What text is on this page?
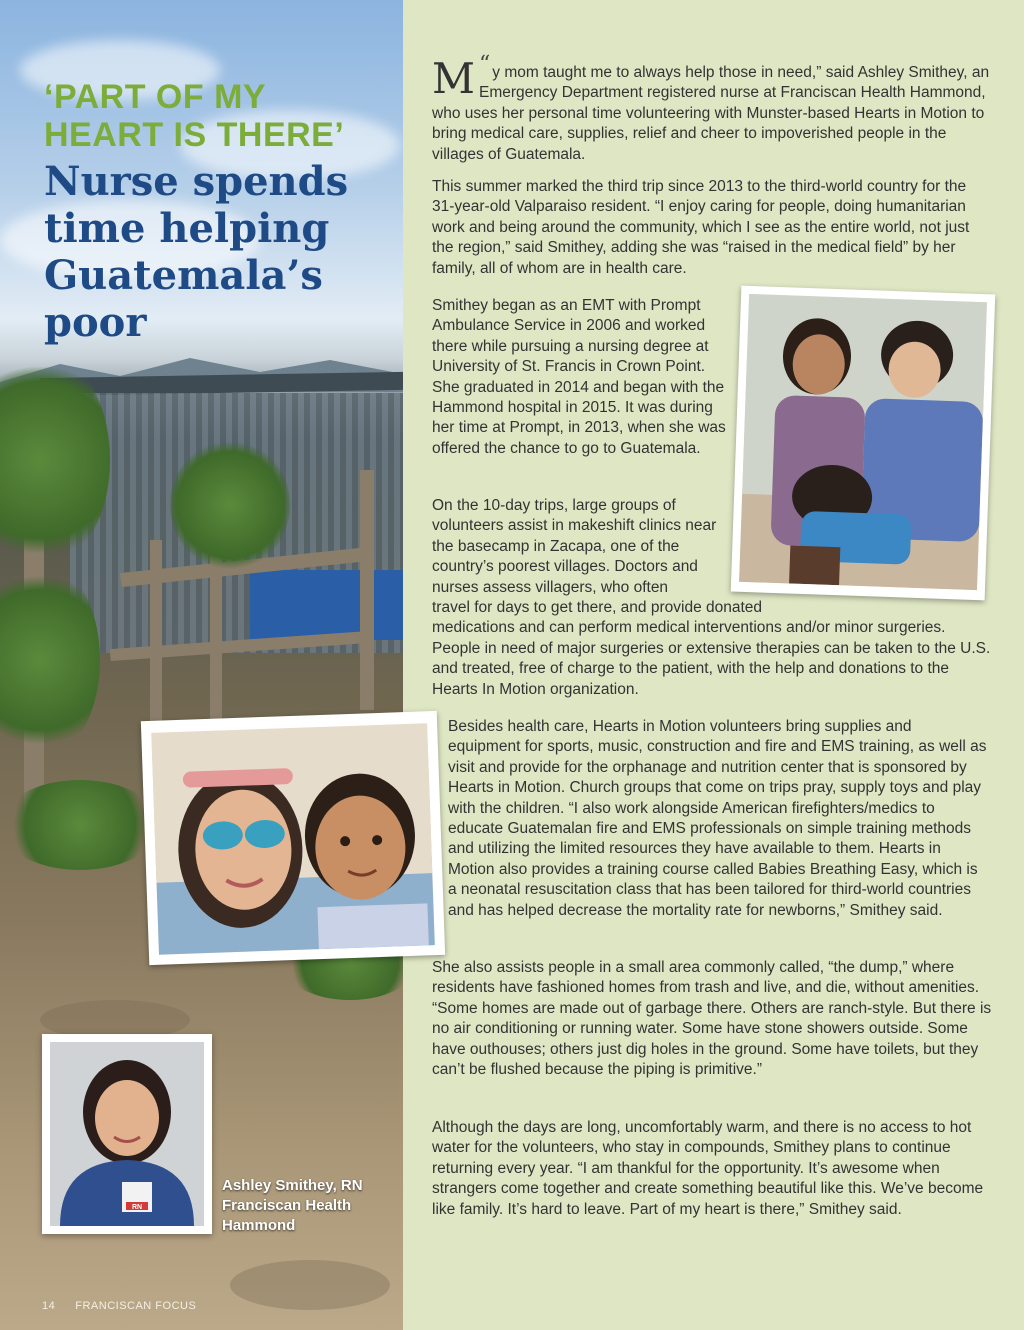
‘PART OF MY HEART IS THERE’
Nurse spends time helping Guatemala’s poor
RN

Ashley Smithey, RN
Franciscan Health
Hammond

14 FRANCISCAN FOCUS

“
M y mom taught me to always help those in need,” said Ashley Smithey, an Emergency Department registered nurse at Franciscan Health Hammond, who uses her personal time volunteering with Munster-based Hearts in Motion to bring medical care, supplies, relief and cheer to impoverished people in the villages of Guatemala.

This summer marked the third trip since 2013 to the third-world country for the 31-year-old Valparaiso resident. “I enjoy caring for people, doing humanitarian work and being around the community, which I see as the entire world, not just the region,” said Smithey, adding she was “raised in the medical field” by her family, all of whom are in health care.

Smithey began as an EMT with Prompt Ambulance Service in 2006 and worked there while pursuing a nursing degree at University of St. Francis in Crown Point. She graduated in 2014 and began with the Hammond hospital in 2015. It was during her time at Prompt, in 2013, when she was offered the chance to go to Guatemala.

On the 10-day trips, large groups of volunteers assist in makeshift clinics near the basecamp in Zacapa, one of the country’s poorest villages. Doctors and nurses assess villagers, who often
travel for days to get there, and provide donated
medications and can perform medical interventions and/or minor surgeries. People in need of major surgeries or extensive therapies can be taken to the U.S. and treated, free of charge to the patient, with the help and donations to the Hearts In Motion organization.

Besides health care, Hearts in Motion volunteers bring supplies and equipment for sports, music, construction and fire and EMS training, as well as visit and provide for the orphanage and nutrition center that is sponsored by Hearts in Motion. Church groups that come on trips pray, supply toys and play with the children. “I also work alongside American firefighters/medics to educate Guatemalan fire and EMS professionals on simple training methods and utilizing the limited resources they have available to them. Hearts in Motion also provides a training course called Babies Breathing Easy, which is a neonatal resuscitation class that has been tailored for third-world countries and has helped decrease the mortality rate for newborns,” Smithey said.

She also assists people in a small area commonly called, “the dump,” where residents have fashioned homes from trash and live, and die, without amenities. “Some homes are made out of garbage there. Others are ranch-style. But there is no air conditioning or running water. Some have stone showers outside. Some have outhouses; others just dig holes in the ground. Some have toilets, but they can’t be flushed because the piping is primitive.”

Although the days are long, uncomfortably warm, and there is no access to hot water for the volunteers, who stay in compounds, Smithey plans to continue returning every year. “I am thankful for the opportunity. It’s awesome when strangers come together and create something beautiful like this. We’ve become like family. It’s hard to leave. Part of my heart is there,” Smithey said.
